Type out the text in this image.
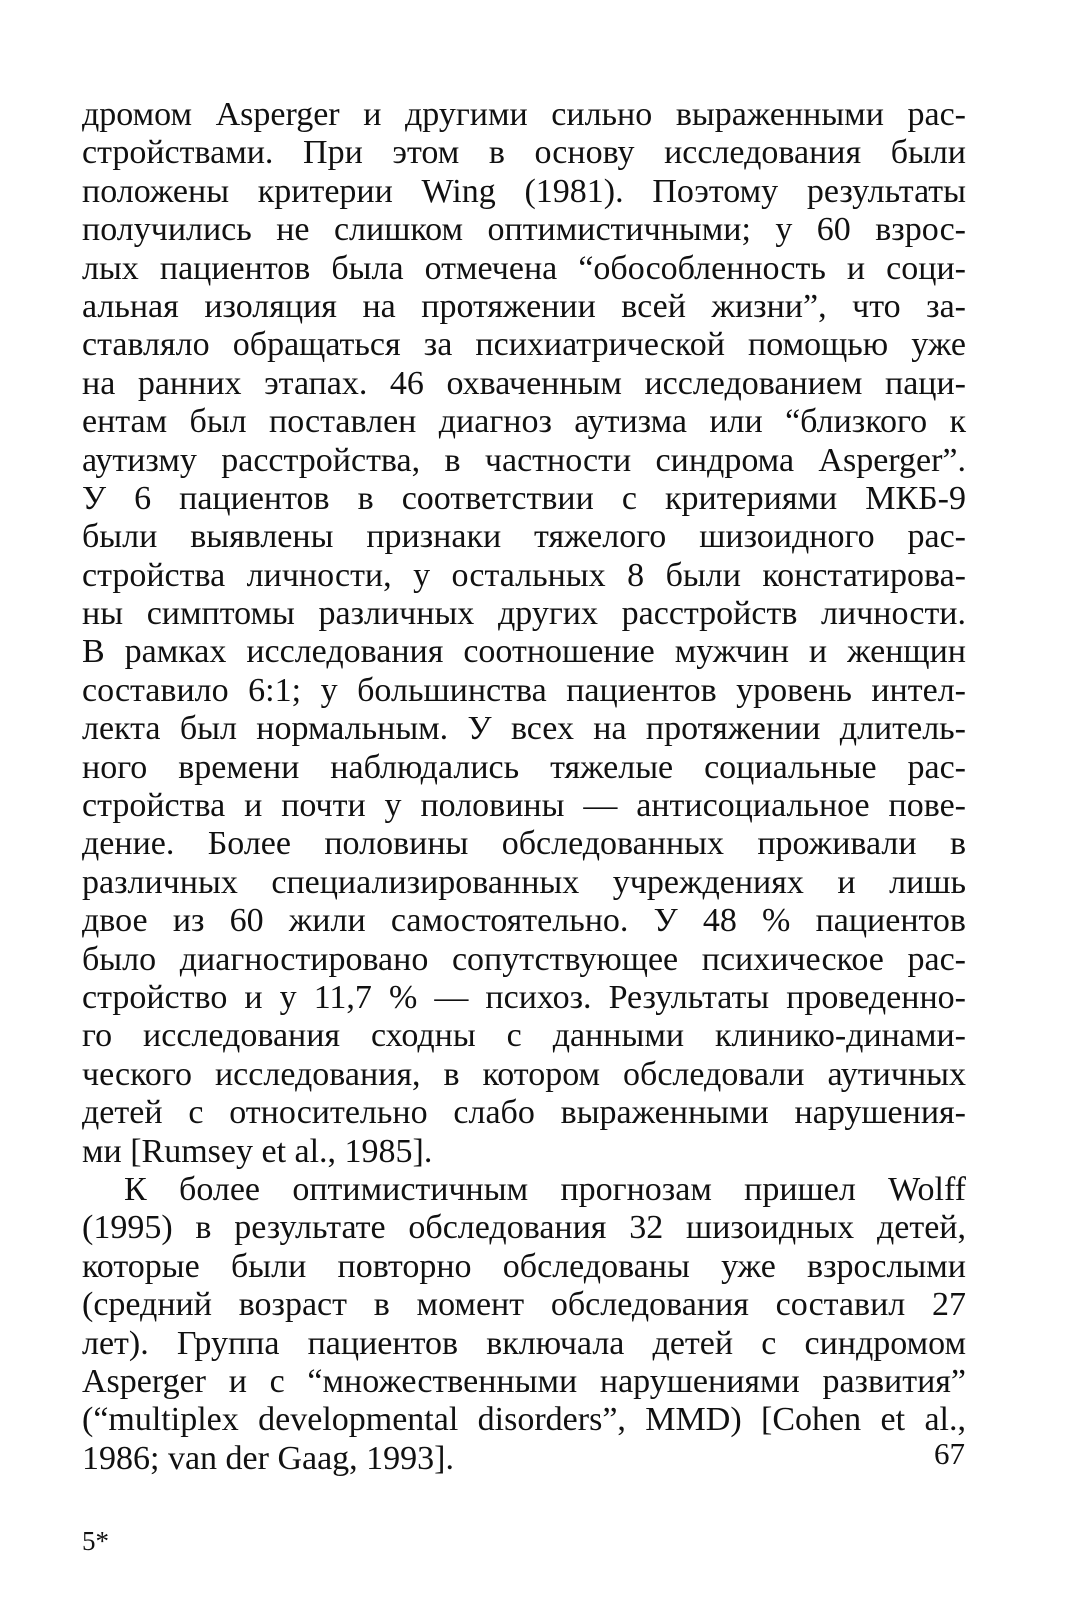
дромом Asperger и другими сильно выраженными рас-
стройствами. При этом в основу исследования были
положены критерии Wing (1981). Поэтому результаты
получились не слишком оптимистичными; у 60 взрос-
лых пациентов была отмечена “обособленность и соци-
альная изоляция на протяжении всей жизни”, что за-
ставляло обращаться за психиатрической помощью уже
на ранних этапах. 46 охваченным исследованием паци-
ентам был поставлен диагноз аутизма или “близкого к
аутизму расстройства, в частности синдрома Asperger”.
У 6 пациентов в соответствии с критериями МКБ-9
были выявлены признаки тяжелого шизоидного рас-
стройства личности, у остальных 8 были констатирова-
ны симптомы различных других расстройств личности.
В рамках исследования соотношение мужчин и женщин
составило 6:1; у большинства пациентов уровень интел-
лекта был нормальным. У всех на протяжении длитель-
ного времени наблюдались тяжелые социальные рас-
стройства и почти у половины — антисоциальное пове-
дение. Более половины обследованных проживали в
различных специализированных учреждениях и лишь
двое из 60 жили самостоятельно. У 48 % пациентов
было диагностировано сопутствующее психическое рас-
стройство и у 11,7 % — психоз. Результаты проведенно-
го исследования сходны с данными клинико-динами-
ческого исследования, в котором обследовали аутичных
детей с относительно слабо выраженными нарушения-
ми [Rumsey et al., 1985].
К более оптимистичным прогнозам пришел Wolff
(1995) в результате обследования 32 шизоидных детей,
которые были повторно обследованы уже взрослыми
(средний возраст в момент обследования составил 27
лет). Группа пациентов включала детей с синдромом
Asperger и с “множественными нарушениями развития”
(“multiplex developmental disorders”, MMD) [Cohen et al.,
1986; van der Gaag, 1993].	67
5*
